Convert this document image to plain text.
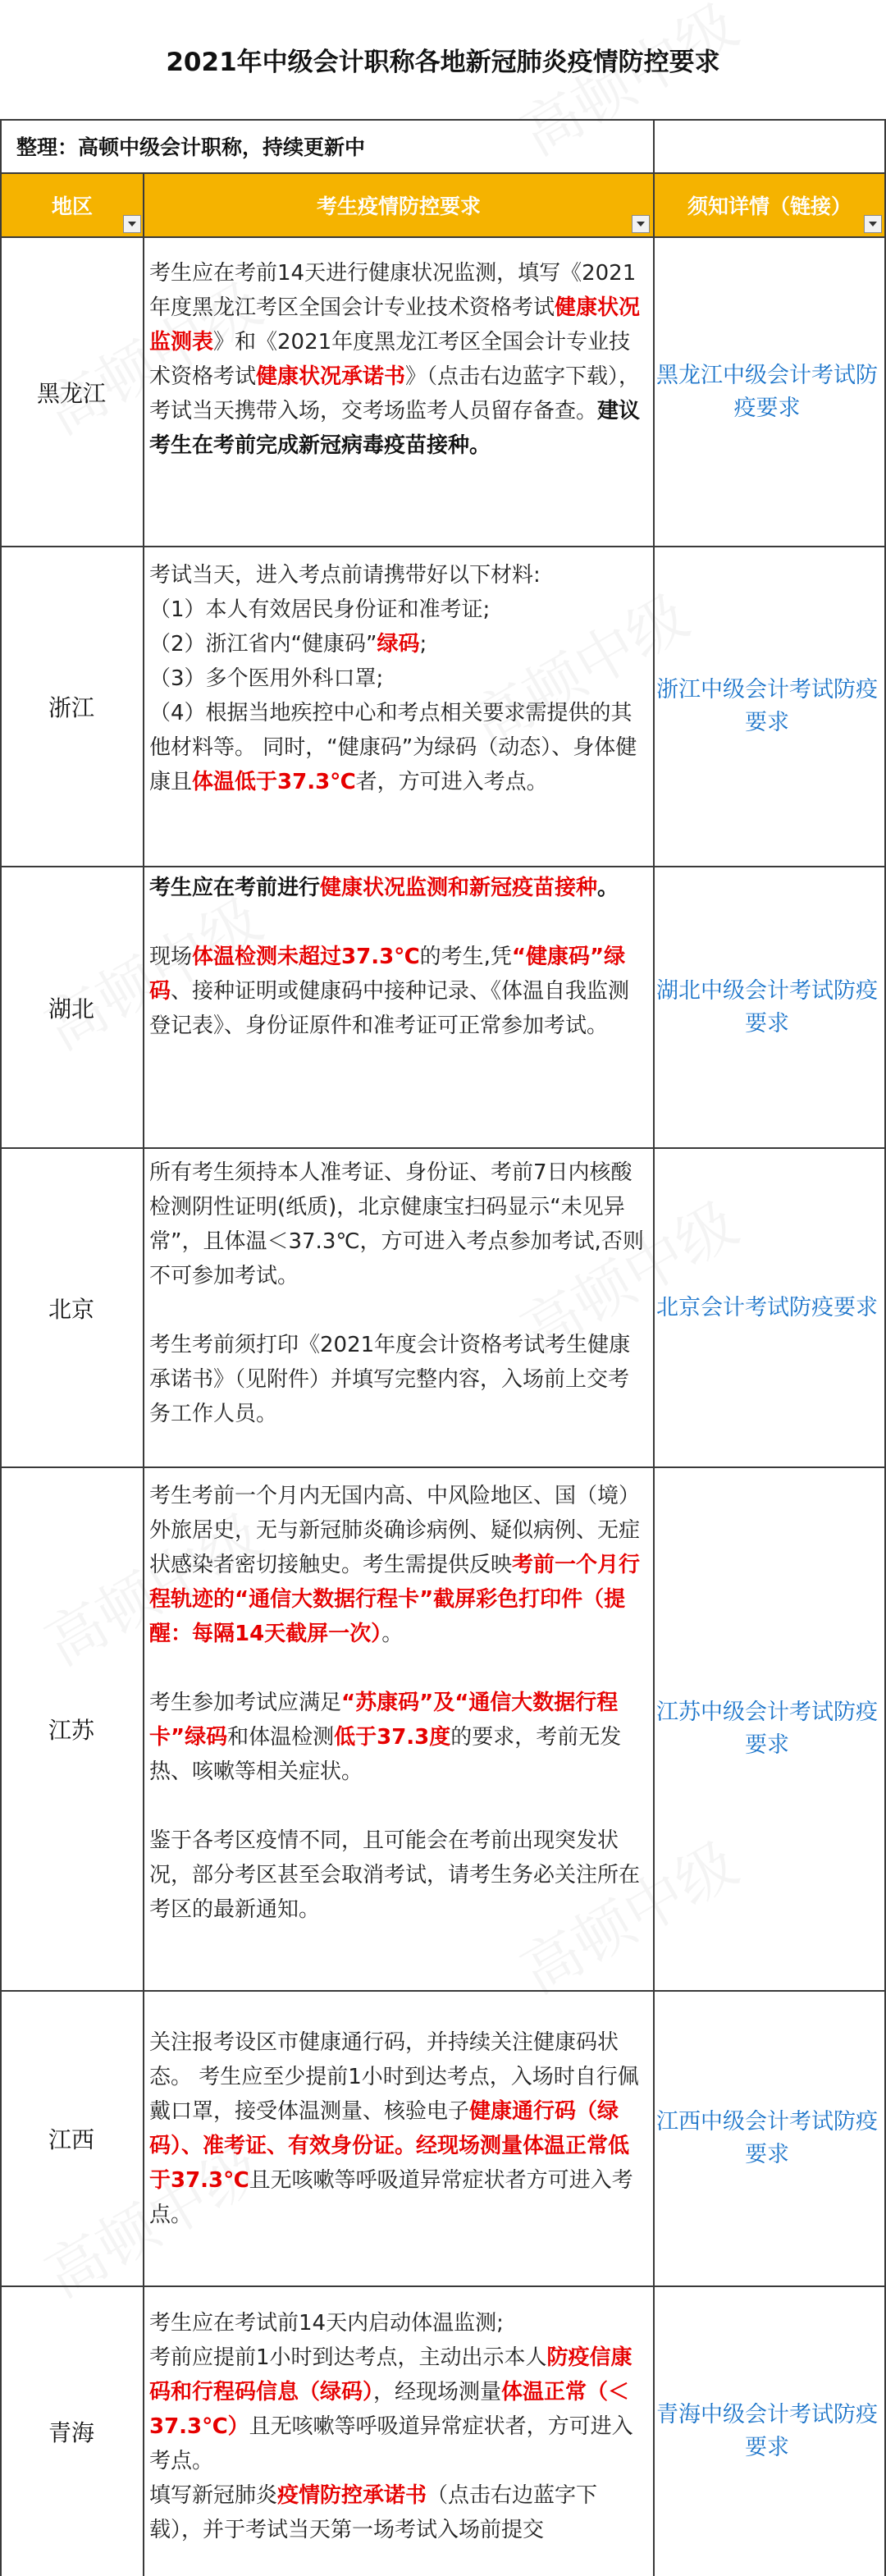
2021年中级会计职称各地新冠肺炎疫情防控要求
整理：高顿中级会计职称，持续更新中
地区	考生疫情防控要求	须知详情（链接）
黑龙江

考生应在考前14天进行健康状况监测，填写《2021年度黑龙江考区全国会计专业技术资格考试健康状况监测表》和《2021年度黑龙江考区全国会计专业技术资格考试健康状况承诺书》（点击右边蓝字下载），考试当天携带入场，交考场监考人员留存备查。建议考生在考前完成新冠病毒疫苗接种。

黑龙江中级会计考试防疫要求
浙江

考试当天，进入考点前请携带好以下材料:

（1）本人有效居民身份证和准考证;

（2）浙江省内“健康码”绿码;

（3）多个医用外科口罩;

（4）根据当地疾控中心和考点相关要求需提供的其他材料等。 同时，“健康码”为绿码（动态）、身体健康且体温低于37.3℃者，方可进入考点。

浙江中级会计考试防疫要求
湖北

考生应在考前进行健康状况监测和新冠疫苗接种。

现场体温检测未超过37.3℃的考生,凭“健康码”绿码、接种证明或健康码中接种记录、《体温自我监测登记表》、身份证原件和准考证可正常参加考试。

湖北中级会计考试防疫要求
北京

所有考生须持本人准考证、身份证、考前7日内核酸检测阴性证明(纸质)，北京健康宝扫码显示“未见异常”，且体温＜37.3℃，方可进入考点参加考试,否则不可参加考试。

考生考前须打印《2021年度会计资格考试考生健康承诺书》（见附件）并填写完整内容，入场前上交考务工作人员。

北京会计考试防疫要求
江苏

考生考前一个月内无国内高、中风险地区、国（境）外旅居史，无与新冠肺炎确诊病例、疑似病例、无症状感染者密切接触史。考生需提供反映考前一个月行程轨迹的“通信大数据行程卡”截屏彩色打印件（提醒：每隔14天截屏一次）。

考生参加考试应满足“苏康码”及“通信大数据行程卡”绿码和体温检测低于37.3度的要求，考前无发热、咳嗽等相关症状。

鉴于各考区疫情不同，且可能会在考前出现突发状况，部分考区甚至会取消考试，请考生务必关注所在考区的最新通知。

江苏中级会计考试防疫要求
江西

关注报考设区市健康通行码，并持续关注健康码状态。 考生应至少提前1小时到达考点，入场时自行佩戴口罩，接受体温测量、核验电子健康通行码（绿码）、准考证、有效身份证。经现场测量体温正常低于37.3℃且无咳嗽等呼吸道异常症状者方可进入考点。

江西中级会计考试防疫要求
青海

考生应在考试前14天内启动体温监测;

考前应提前1小时到达考点，主动出示本人防疫信康码和行程码信息（绿码），经现场测量体温正常（＜37.3℃）且无咳嗽等呼吸道异常症状者，方可进入考点。

填写新冠肺炎疫情防控承诺书（点击右边蓝字下载），并于考试当天第一场考试入场前提交

青海中级会计考试防疫要求
